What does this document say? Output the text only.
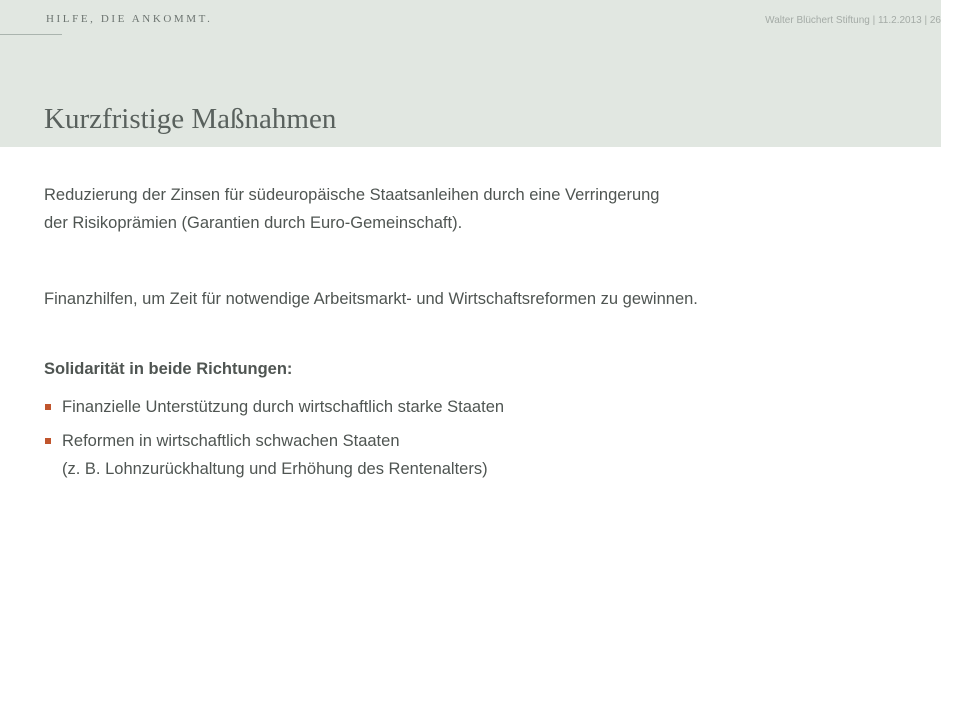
HILFE, DIE ANKOMMT.	Walter Blüchert Stiftung | 11.2.2013 | 26
Kurzfristige Maßnahmen

Reduzierung der Zinsen für südeuropäische Staatsanleihen durch eine Verringerung
der Risikoprämien (Garantien durch Euro-Gemeinschaft).

Finanzhilfen, um Zeit für notwendige Arbeitsmarkt- und Wirtschaftsreformen zu gewinnen.

Solidarität in beide Richtungen:

Finanzielle Unterstützung durch wirtschaftlich starke Staaten
Reformen in wirtschaftlich schwachen Staaten
(z. B. Lohnzurückhaltung und Erhöhung des Rentenalters)
